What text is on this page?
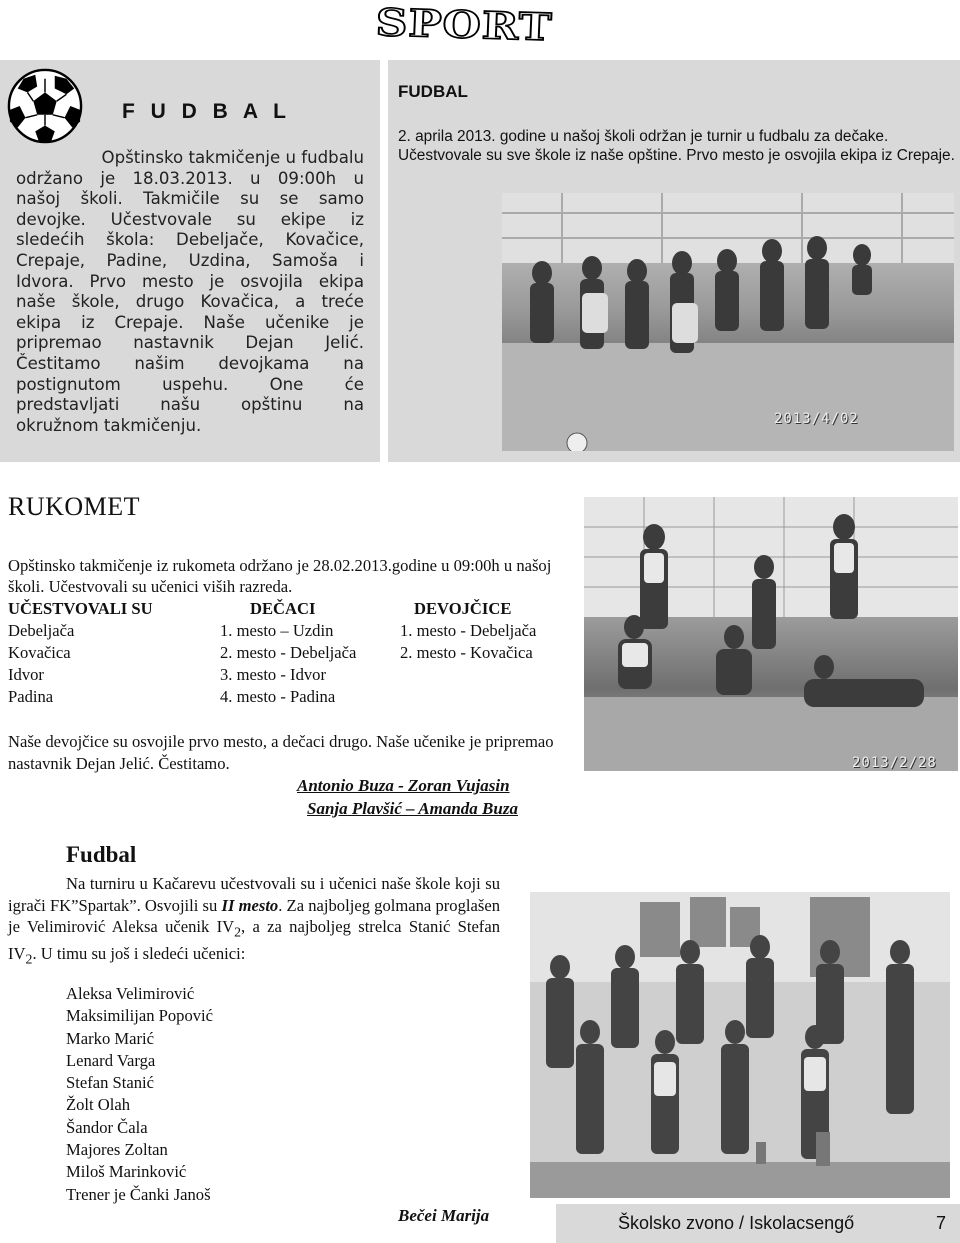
SPORT
F U D B A L
Opštinsko takmičenje u fudbalu
održano je 18.03.2013. u 09:00h u
našoj školi. Takmičile su se samo
devojke. Učestvovale su ekipe iz
sledećih škola: Debeljače, Kovačice,
Crepaje, Padine, Uzdina, Samoša i
Idvora. Prvo mesto je osvojila ekipa
naše škole, drugo Kovačica, a treće
ekipa iz Crepaje. Naše učenike je
pripremao nastavnik Dejan Jelić.
Čestitamo našim devojkama na
postignutom uspehu. One će
predstavljati našu opštinu na
okružnom takmičenju.
FUDBAL
2. aprila 2013. godine u našoj školi održan je turnir u fudbalu za dečake. Učestvovale su sve škole iz naše opštine. Prvo mesto je osvojila ekipa iz Crepaje.
2013/4/02
RUKOMET
Opštinsko takmičenje iz rukometa održano je 28.02.2013.godine u 09:00h u našoj školi. Učestvovali su učenici viših razreda.
UČESTVOVALI SU	DEČACI	DEVOJČICE
Debeljača	1. mesto – Uzdin	1. mesto - Debeljača
Kovačica	2. mesto - Debeljača	2. mesto - Kovačica
Idvor	3. mesto - Idvor
Padina	4. mesto - Padina
2013/2/28
Naše devojčice su osvojile prvo mesto, a dečaci drugo. Naše učenike je pripremao nastavnik Dejan Jelić. Čestitamo.
Antonio Buza - Zoran Vujasin
Sanja Plavšić – Amanda Buza
Fudbal
Na turniru u Kačarevu učestvovali su i učenici naše škole koji su igrači FK”Spartak”. Osvojili su II mesto. Za najboljeg golmana proglašen je Velimirović Aleksa učenik $IV_2$, a za najboljeg strelca Stanić Stefan $IV_2$. U timu su još i sledeći učenici:
Aleksa Velimirović
Maksimilijan Popović
Marko Marić
Lenard Varga
Stefan Stanić
Žolt Olah
Šandor Čala
Majores Zoltan
Miloš Marinković
Trener je Čanki Janoš
Bečei Marija	Školsko zvono / Iskolacsengő	7
